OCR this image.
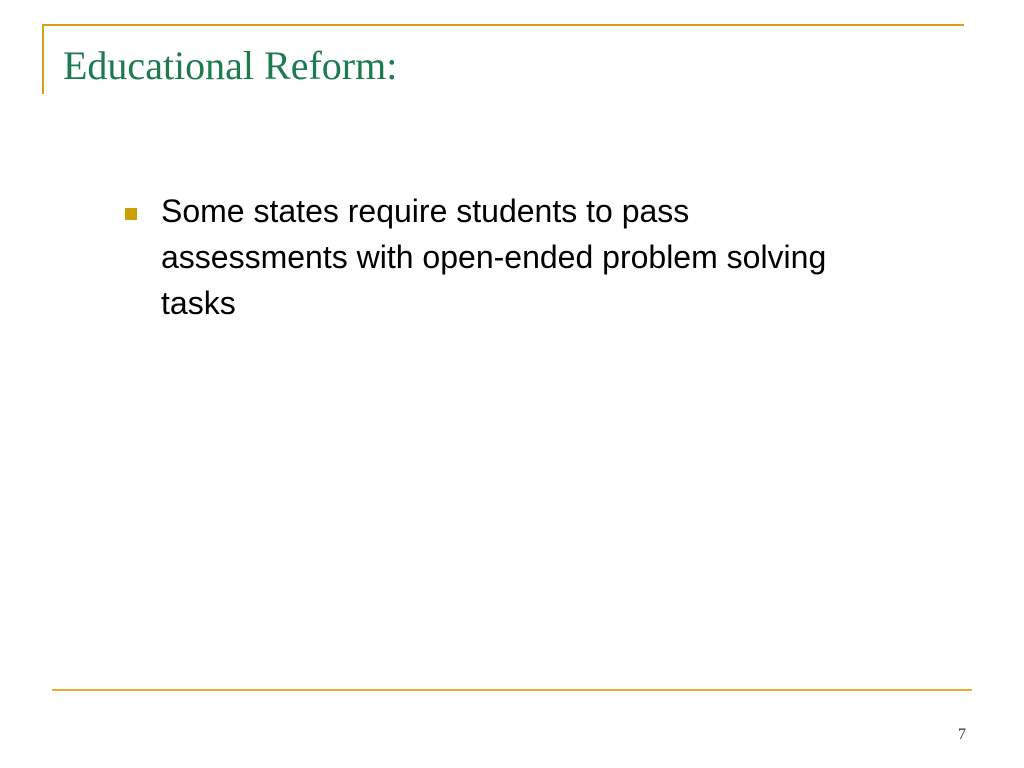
Educational Reform:
Some states require students to pass assessments with open-ended problem solving tasks
7
